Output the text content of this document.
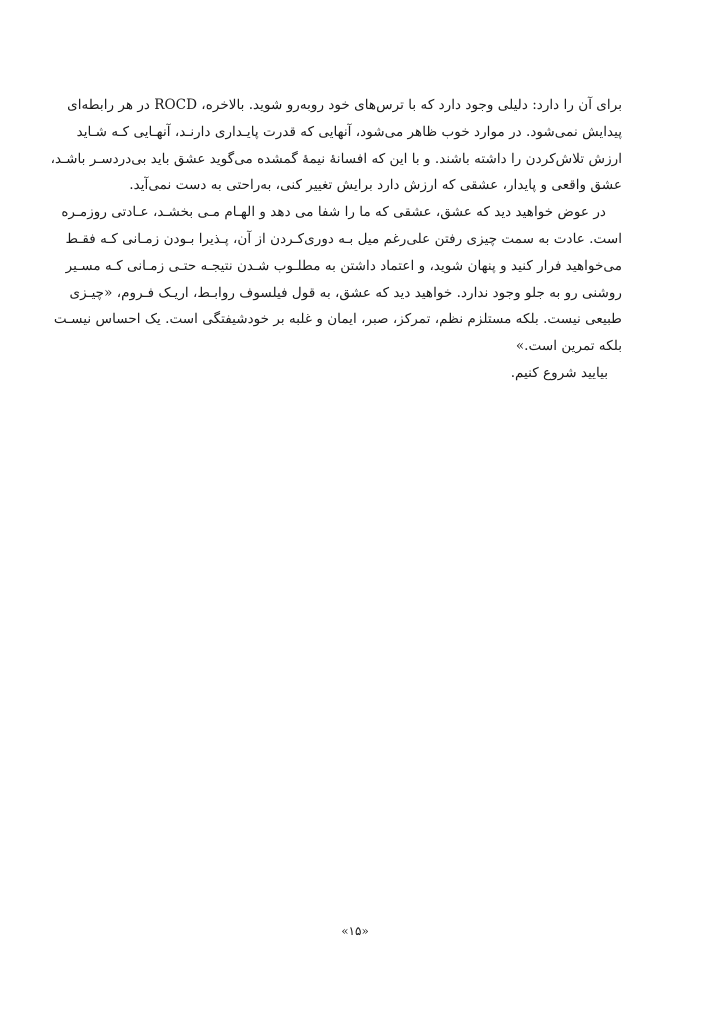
برای آن را دارد: دلیلی وجود دارد که با ترس‌های خود روبه‌رو شوید. بالاخره، ROCD در هر رابطه‌ای
پیدایش نمی‌شود. در موارد خوب ظاهر می‌شود، آنهایی که قدرت پایـداری دارنـد، آنهـایی کـه شـاید
ارزش تلاش‌کردن را داشته باشند. و با این که افسانهٔ نیمهٔ گمشده می‌گوید عشق باید بی‌دردسـر باشـد،
عشق واقعی و پایدار، عشقی که ارزش دارد برایش تغییر کنی، به‌راحتی به دست نمی‌آید.
در عوض خواهید دید که عشق، عشقی که ما را شفا می دهد و الهـام مـی بخشـد، عـادتی روزمـره
است. عادت به سمت چیزی رفتن علی‌رغم میل بـه دوری‌کـردن از آن، پـذیرا بـودن زمـانی کـه فقـط
می‌خواهید فرار کنید و پنهان شوید، و اعتماد داشتن به مطلـوب شـدن نتیجـه حتـی زمـانی کـه مسـیر
روشنی رو به جلو وجود ندارد. خواهید دید که عشق، به قول فیلسوف روابـط، اریـک فـروم، «چیـزی
طبیعی نیست. بلکه مستلزم نظم، تمرکز، صبر، ایمان و غلبه بر خودشیفتگی است. یک احساس نیسـت
بلکه تمرین است.»
بیایید شروع کنیم.
«۱۵»
